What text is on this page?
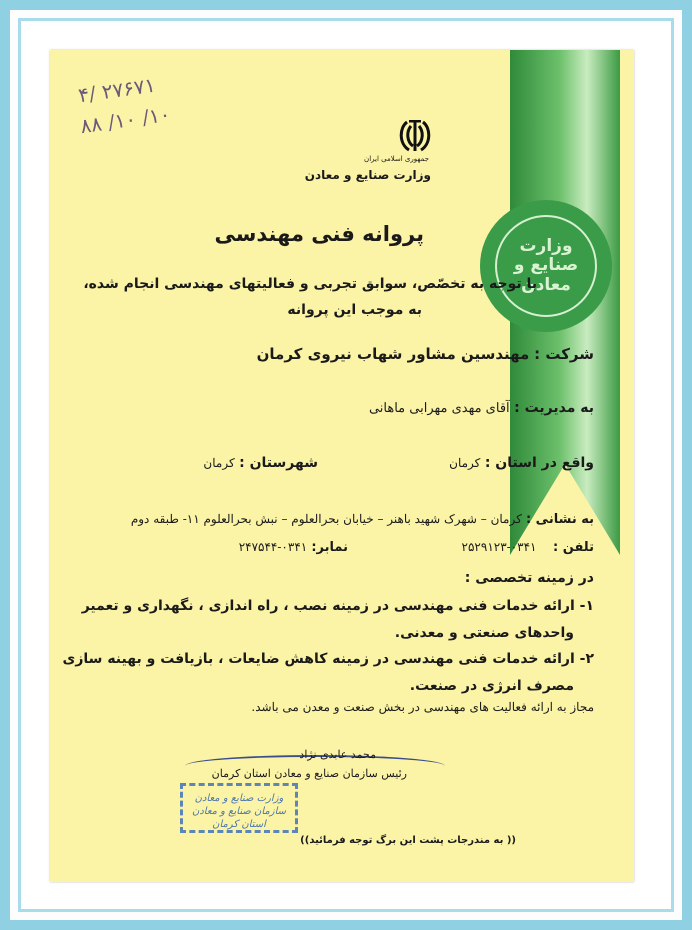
وزارت
صنایع و
معادن
۴/ ۲۷۶۷۱
۸۸ /۱۰ /۱۰
جمهوری اسلامی ایران
وزارت صنایع و معادن
پروانه فنی مهندسی
با توجه به تخصّص، سوابق تجربی و فعالیتهای مهندسی انجام شده،
به موجب این پروانه
شرکت : مهندسین مشاور شهاب نیروی کرمان
به مدیریت : آقای مهدی مهرابی ماهانی
واقع در استان : کرمان
شهرستان : کرمان
به نشانی : کرمان – شهرک شهید باهنر – خیابان بحرالعلوم – نبش بحرالعلوم ۱۱- طبقه دوم
تلفن :    ۰۳۴۱-۲۵۲۹۱۲۳
نمابر: ۰۳۴۱-۲۴۷۵۴۴
در زمینه تخصصی :
۱- ارائه خدمات فنی مهندسی در زمینه نصب ، راه اندازی ، نگهداری و تعمیر
واحدهای صنعتی و معدنی.
۲- ارائه خدمات فنی مهندسی در زمینه کاهش ضایعات ، بازیافت و بهینه سازی
مصرف انرژی در صنعت.
مجاز به ارائه فعالیت های مهندسی در بخش صنعت و معدن می باشد.
محمد عابدی نژاد
رئیس سازمان صنایع و معادن استان کرمان
وزارت صنایع و معادن
سازمان صنایع و معادن استان کرمان
(( به مندرجات پشت این برگ توجه فرمائید))
